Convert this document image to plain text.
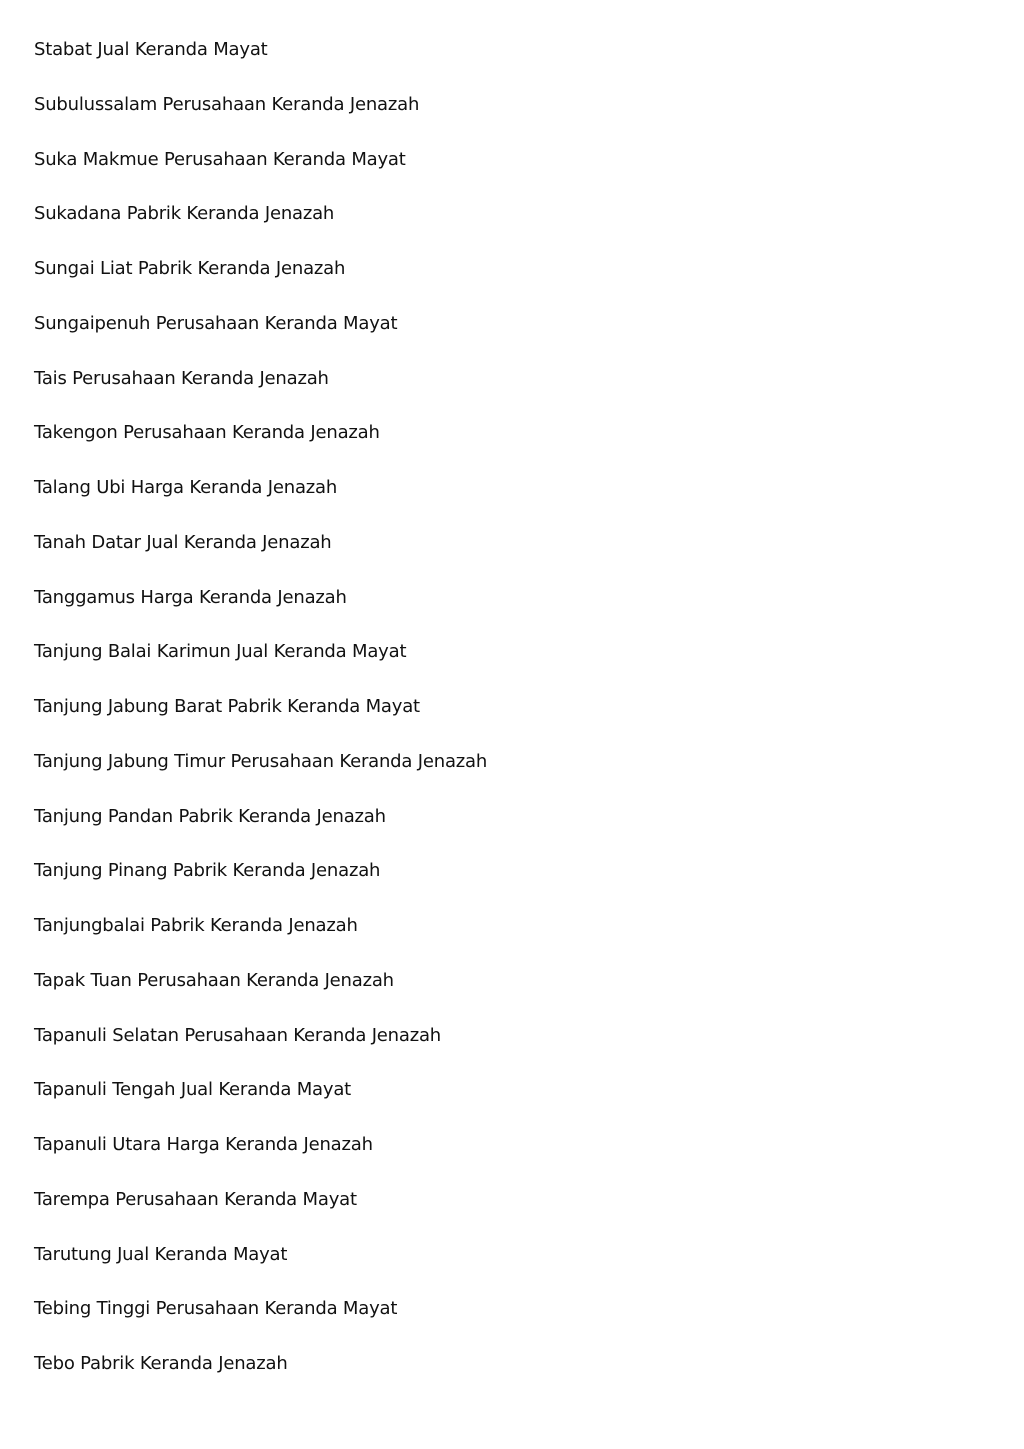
Stabat Jual Keranda Mayat
Subulussalam Perusahaan Keranda Jenazah
Suka Makmue Perusahaan Keranda Mayat
Sukadana Pabrik Keranda Jenazah
Sungai Liat Pabrik Keranda Jenazah
Sungaipenuh Perusahaan Keranda Mayat
Tais Perusahaan Keranda Jenazah
Takengon Perusahaan Keranda Jenazah
Talang Ubi Harga Keranda Jenazah
Tanah Datar Jual Keranda Jenazah
Tanggamus Harga Keranda Jenazah
Tanjung Balai Karimun Jual Keranda Mayat
Tanjung Jabung Barat Pabrik Keranda Mayat
Tanjung Jabung Timur Perusahaan Keranda Jenazah
Tanjung Pandan Pabrik Keranda Jenazah
Tanjung Pinang Pabrik Keranda Jenazah
Tanjungbalai Pabrik Keranda Jenazah
Tapak Tuan Perusahaan Keranda Jenazah
Tapanuli Selatan Perusahaan Keranda Jenazah
Tapanuli Tengah Jual Keranda Mayat
Tapanuli Utara Harga Keranda Jenazah
Tarempa Perusahaan Keranda Mayat
Tarutung Jual Keranda Mayat
Tebing Tinggi Perusahaan Keranda Mayat
Tebo Pabrik Keranda Jenazah
